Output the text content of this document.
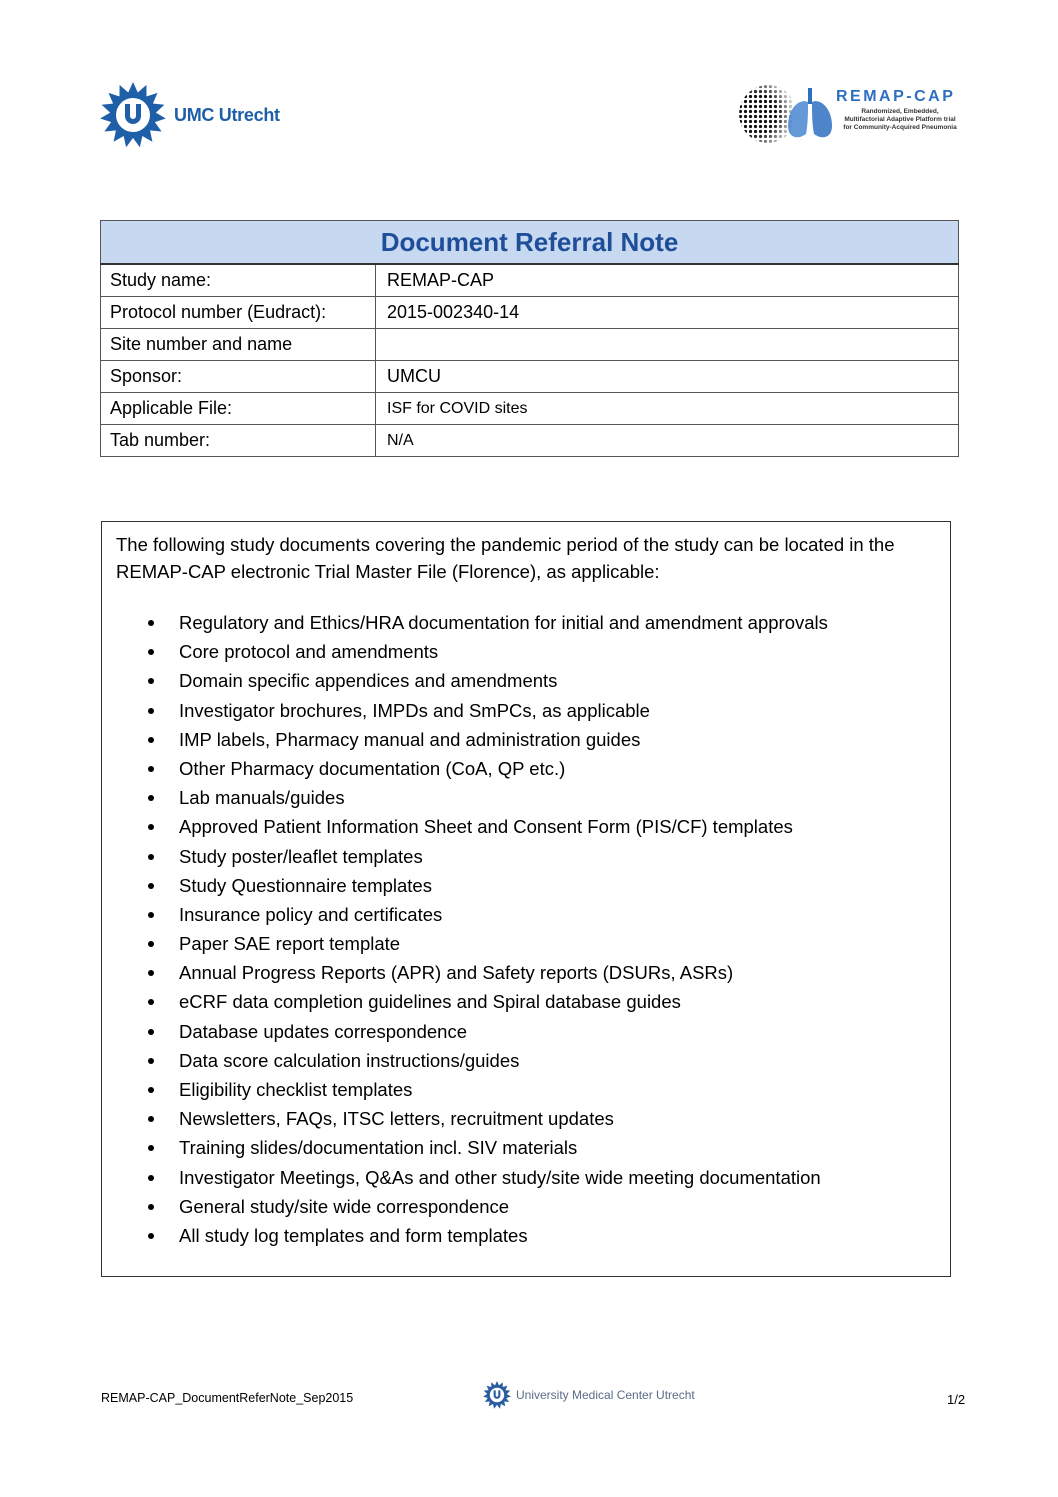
UMC Utrecht
REMAP-CAP
Randomized, Embedded, Multifactorial Adaptive Platform trial for Community-Acquired Pneumonia
Document Referral Note	
Study name:	REMAP-CAP
Protocol number (Eudract):	2015-002340-14
Site number and name	
Sponsor:	UMCU
Applicable File:	ISF for COVID sites
Tab number:	N/A
The following study documents covering the pandemic period of the study can be located in the REMAP-CAP electronic Trial Master File (Florence), as applicable:
Regulatory and Ethics/HRA documentation for initial and amendment approvals
Core protocol and amendments
Domain specific appendices and amendments
Investigator brochures, IMPDs and SmPCs, as applicable
IMP labels, Pharmacy manual and administration guides
Other Pharmacy documentation (CoA, QP etc.)
Lab manuals/guides
Approved Patient Information Sheet and Consent Form (PIS/CF) templates
Study poster/leaflet templates
Study Questionnaire templates
Insurance policy and certificates
Paper SAE report template
Annual Progress Reports (APR) and Safety reports (DSURs, ASRs)
eCRF data completion guidelines and Spiral database guides
Database updates correspondence
Data score calculation instructions/guides
Eligibility checklist templates
Newsletters, FAQs, ITSC letters, recruitment updates
Training slides/documentation incl. SIV materials
Investigator Meetings, Q&As and other study/site wide meeting documentation
General study/site wide correspondence
All study log templates and form templates
REMAP-CAP_DocumentReferNote_Sep2015	University Medical Center Utrecht	1/2
